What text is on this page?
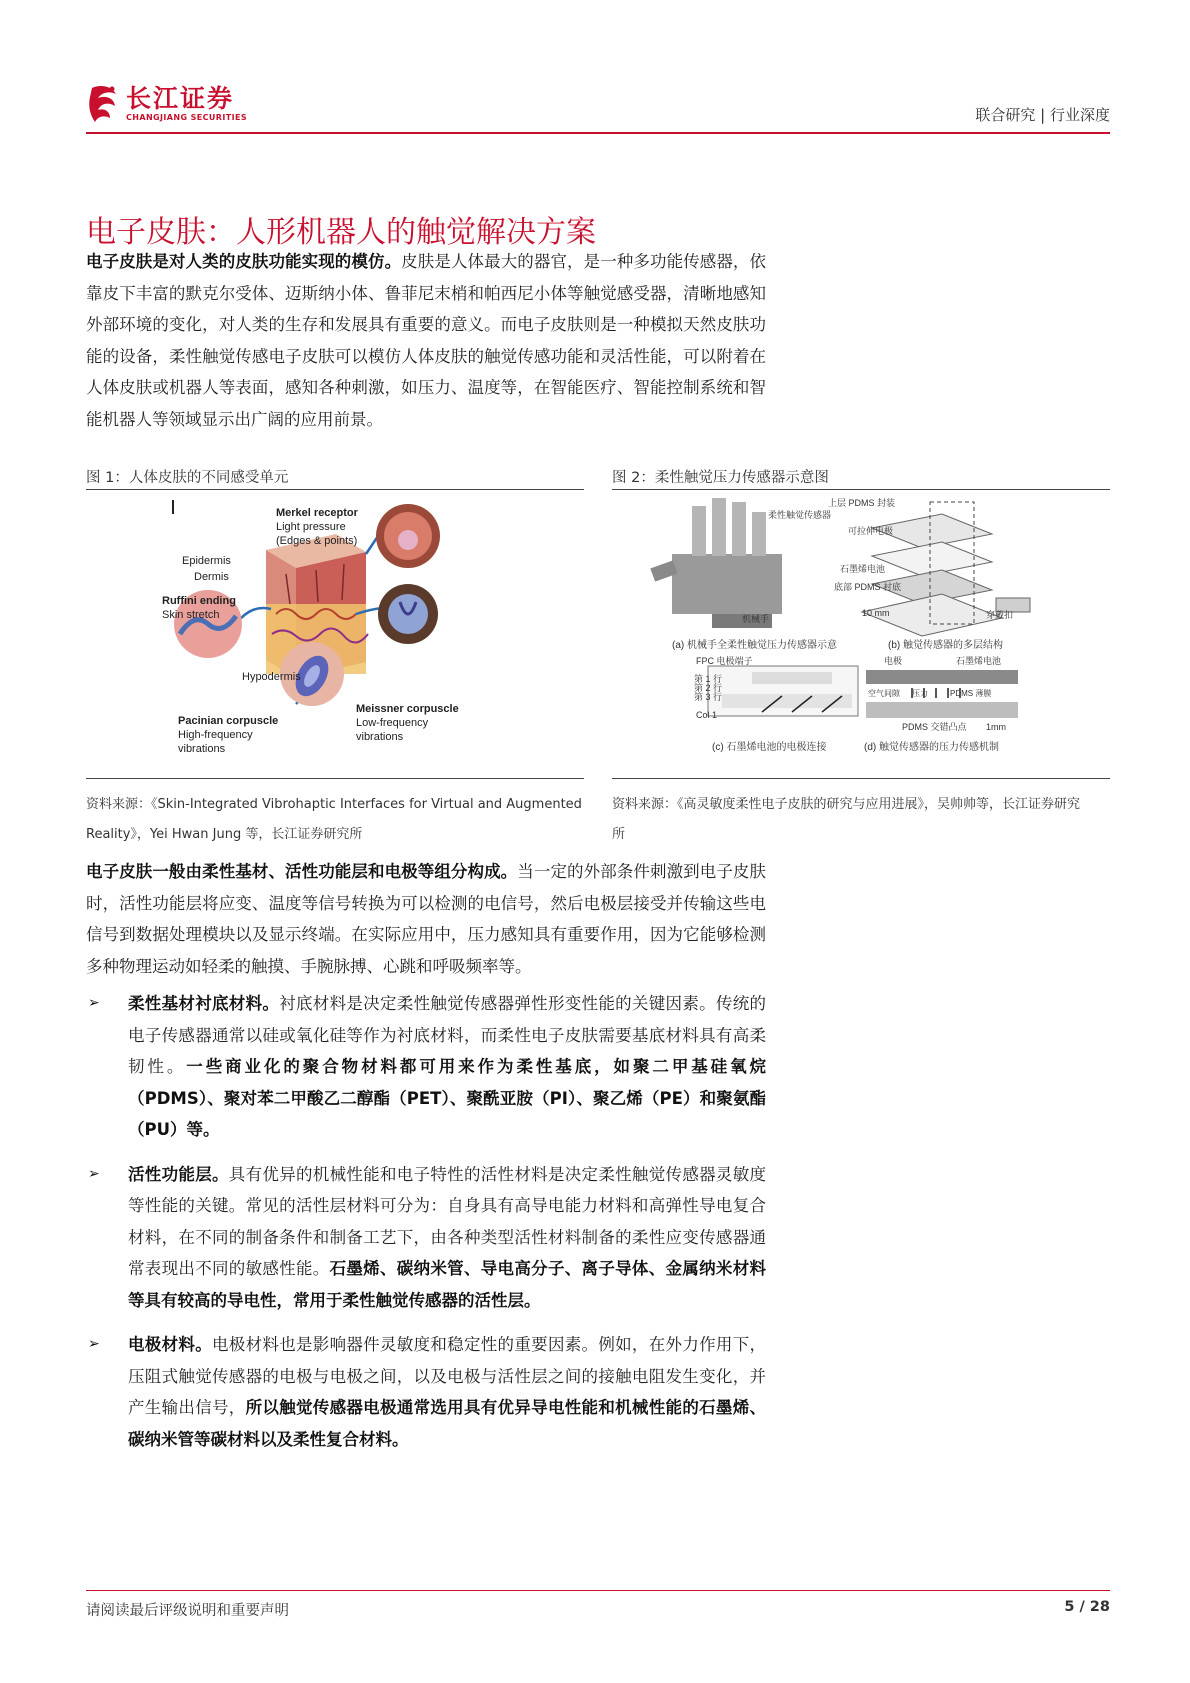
长江证券
CHANGJIANG SECURITIES	联合研究 | 行业深度
电子皮肤：人形机器人的触觉解决方案
电子皮肤是对人类的皮肤功能实现的模仿。皮肤是人体最大的器官，是一种多功能传感器，依靠皮下丰富的默克尔受体、迈斯纳小体、鲁菲尼末梢和帕西尼小体等触觉感受器，清晰地感知外部环境的变化，对人类的生存和发展具有重要的意义。而电子皮肤则是一种模拟天然皮肤功能的设备，柔性触觉传感电子皮肤可以模仿人体皮肤的触觉传感功能和灵活性能，可以附着在人体皮肤或机器人等表面，感知各种刺激，如压力、温度等，在智能医疗、智能控制系统和智能机器人等领域显示出广阔的应用前景。
图 1：人体皮肤的不同感受单元
Merkel receptor
Light pressure
(Edges & points)
Epidermis
Dermis
Ruffini ending
Skin stretch
Hypodermis
Pacinian corpuscle
High-frequency
vibrations
Meissner corpuscle
Low-frequency
vibrations
资料来源：《Skin-Integrated Vibrohaptic Interfaces for Virtual and Augmented
Reality》，Yei Hwan Jung 等，长江证券研究所
图 2：柔性触觉压力传感器示意图
上层 PDMS 封装
柔性触觉传感器
可拉伸电极
石墨烯电池
底部 PDMS 衬底
10 mm	穿戴扣
机械手
(a) 机械手全柔性触觉压力传感器示意	(b) 触觉传感器的多层结构
FPC 电极端子
第 1 行
第 2 行
第 3 行
Col 1
电极	石墨烯电池
空气间隙 压力	PDMS 薄膜
PDMS 交错凸点 1mm
(c) 石墨烯电池的电极连接	(d) 触觉传感器的压力传感机制
资料来源：《高灵敏度柔性电子皮肤的研究与应用进展》，吴帅帅等，长江证券研究
所
电子皮肤一般由柔性基材、活性功能层和电极等组分构成。当一定的外部条件刺激到电子皮肤时，活性功能层将应变、温度等信号转换为可以检测的电信号，然后电极层接受并传输这些电信号到数据处理模块以及显示终端。在实际应用中，压力感知具有重要作用，因为它能够检测多种物理运动如轻柔的触摸、手腕脉搏、心跳和呼吸频率等。
➢ 柔性基材衬底材料。衬底材料是决定柔性触觉传感器弹性形变性能的关键因素。传统的电子传感器通常以硅或氧化硅等作为衬底材料，而柔性电子皮肤需要基底材料具有高柔韧性。一些商业化的聚合物材料都可用来作为柔性基底，如聚二甲基硅氧烷（PDMS）、聚对苯二甲酸乙二醇酯（PET）、聚酰亚胺（PI）、聚乙烯（PE）和聚氨酯（PU）等。
➢ 活性功能层。具有优异的机械性能和电子特性的活性材料是决定柔性触觉传感器灵敏度等性能的关键。常见的活性层材料可分为：自身具有高导电能力材料和高弹性导电复合材料，在不同的制备条件和制备工艺下，由各种类型活性材料制备的柔性应变传感器通常表现出不同的敏感性能。石墨烯、碳纳米管、导电高分子、离子导体、金属纳米材料等具有较高的导电性，常用于柔性触觉传感器的活性层。
➢ 电极材料。电极材料也是影响器件灵敏度和稳定性的重要因素。例如，在外力作用下，压阻式触觉传感器的电极与电极之间，以及电极与活性层之间的接触电阻发生变化，并产生输出信号，所以触觉传感器电极通常选用具有优异导电性能和机械性能的石墨烯、碳纳米管等碳材料以及柔性复合材料。
请阅读最后评级说明和重要声明	5 / 28
